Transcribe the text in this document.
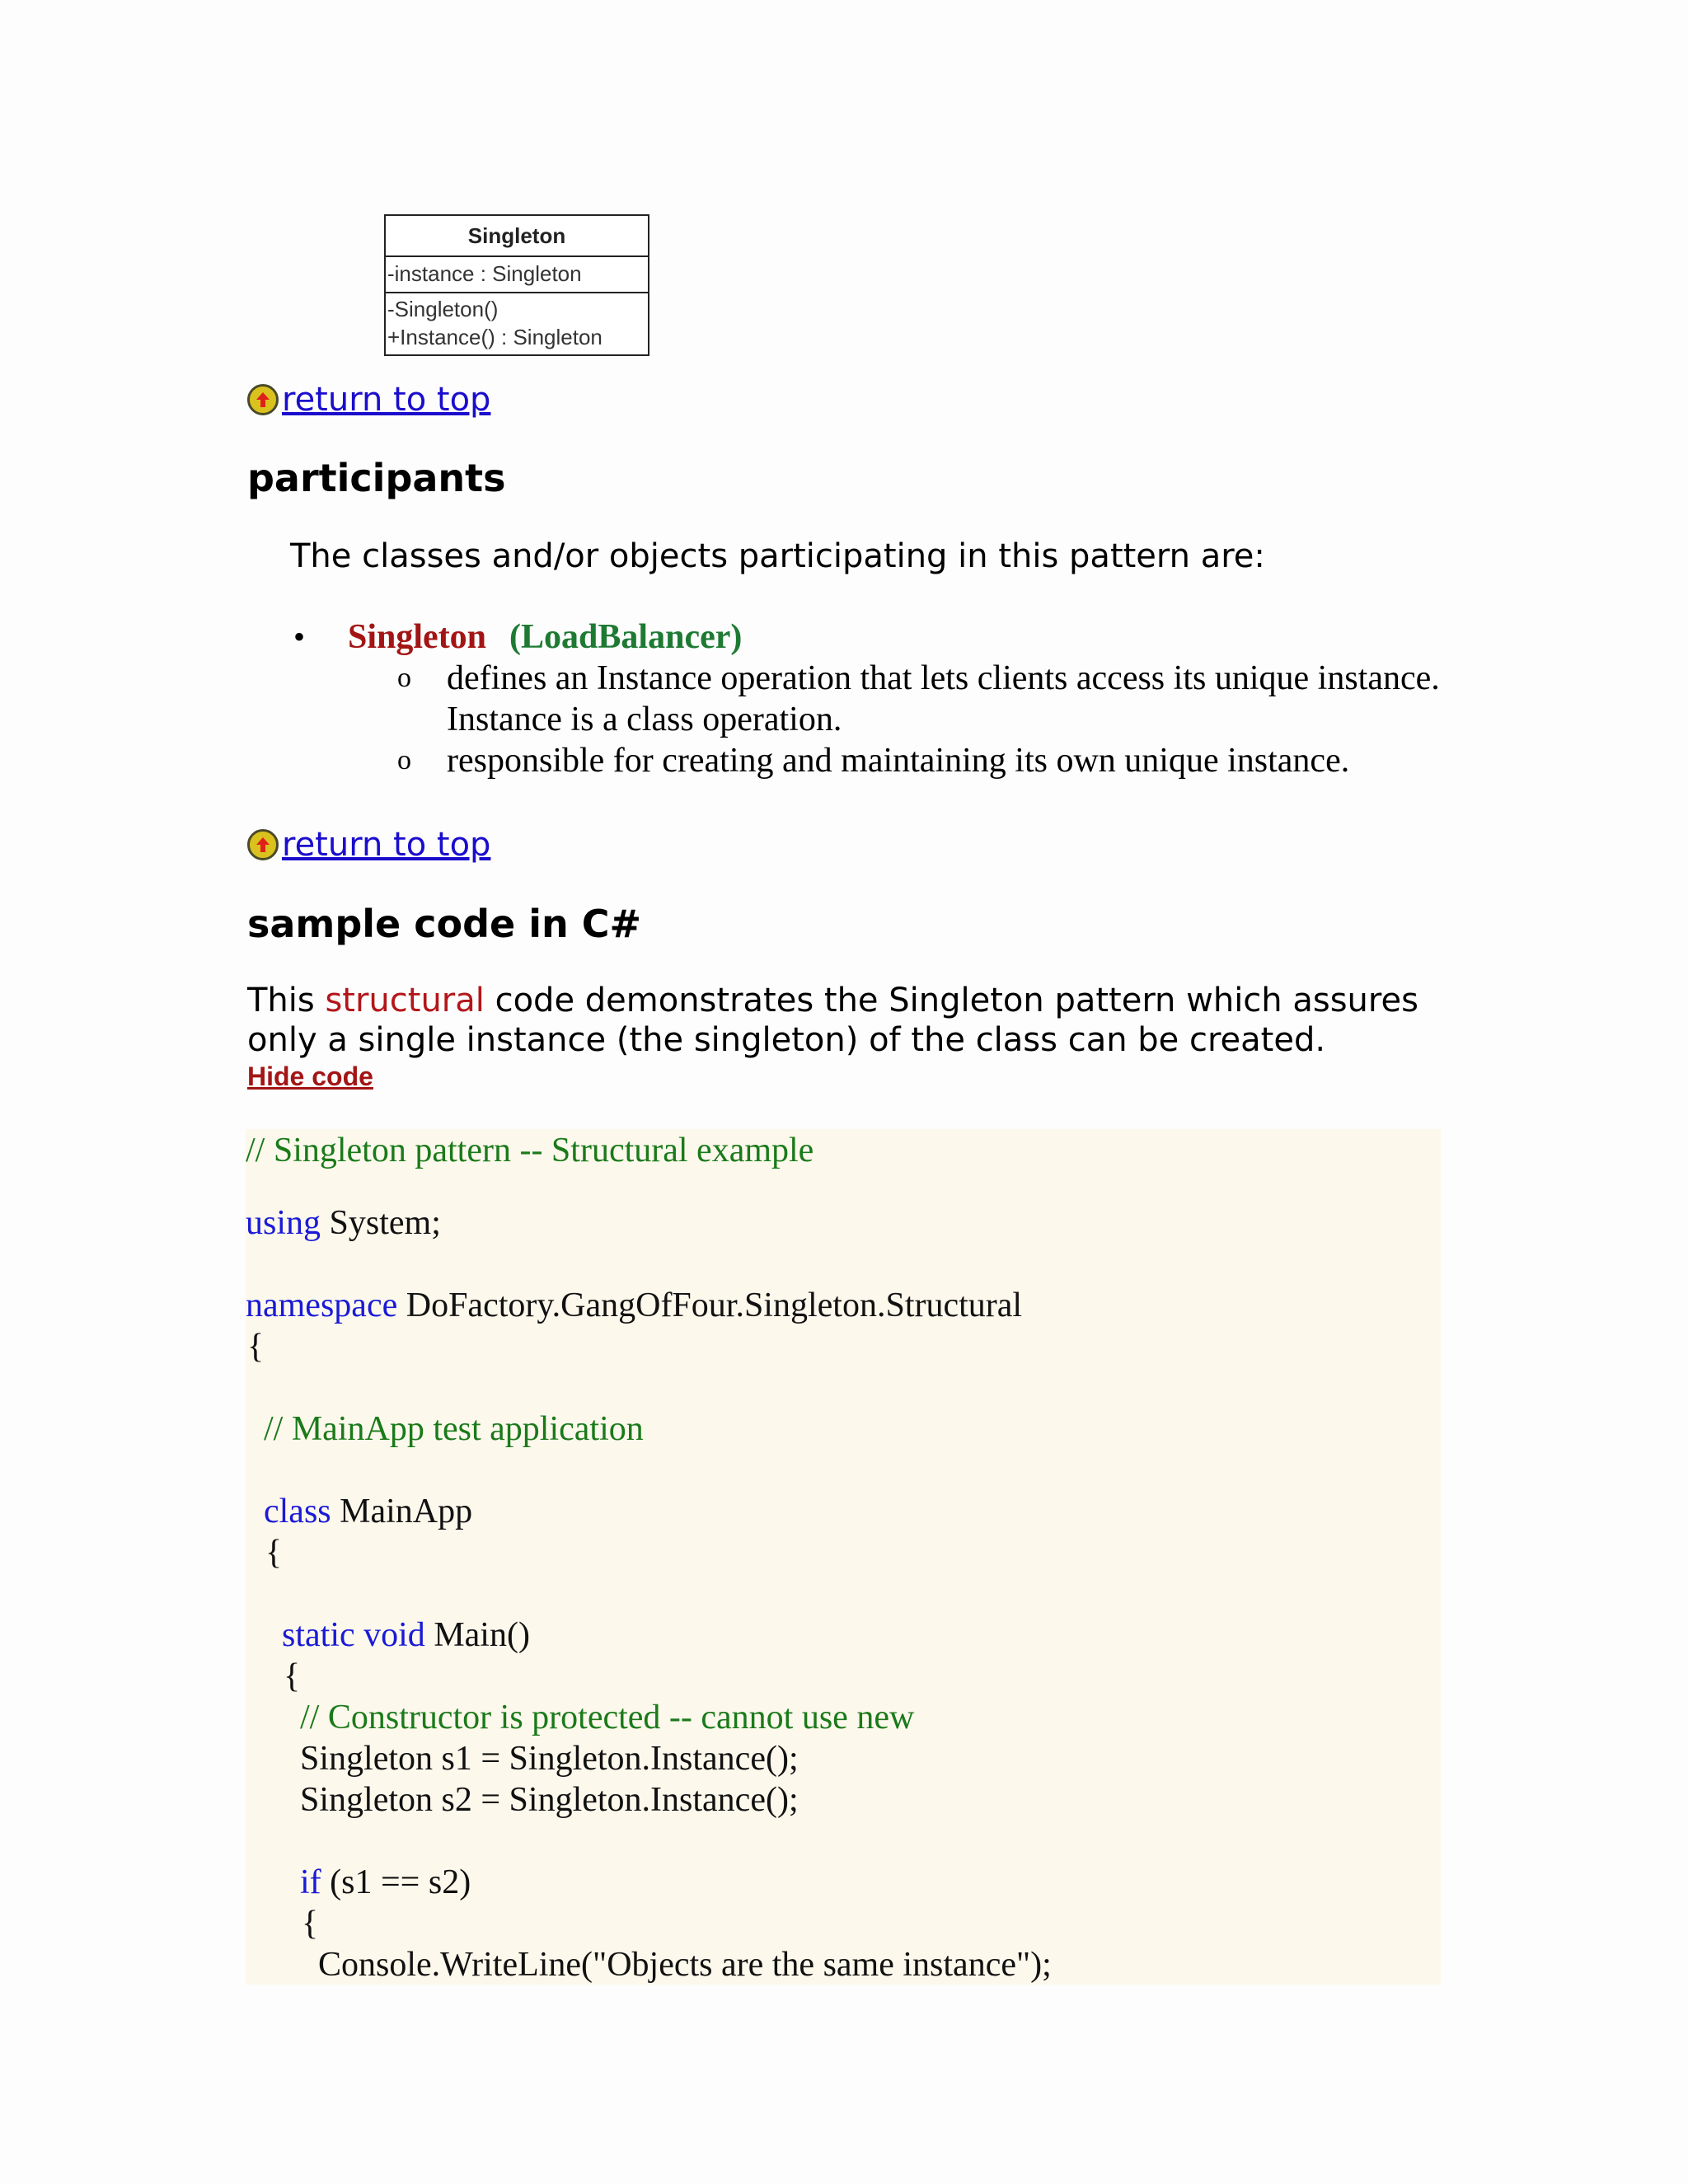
Singleton
-instance : Singleton
-Singleton()
+Instance() : Singleton
return to top
participants

The classes and/or objects participating in this pattern are:

• Singleton (LoadBalancer)
o defines an Instance operation that lets clients access its unique instance. Instance is a class operation.
o responsible for creating and maintaining its own unique instance.
return to top
sample code in C#

This structural code demonstrates the Singleton pattern which assures only a single instance (the singleton) of the class can be created.

Hide code
// Singleton pattern -- Structural example
using System;
namespace DoFactory.GangOfFour.Singleton.Structural
{
// MainApp test application
class MainApp
{
static void Main()
{
// Constructor is protected -- cannot use new
Singleton s1 = Singleton.Instance();
Singleton s2 = Singleton.Instance();
if (s1 == s2)
{
Console.WriteLine("Objects are the same instance");
